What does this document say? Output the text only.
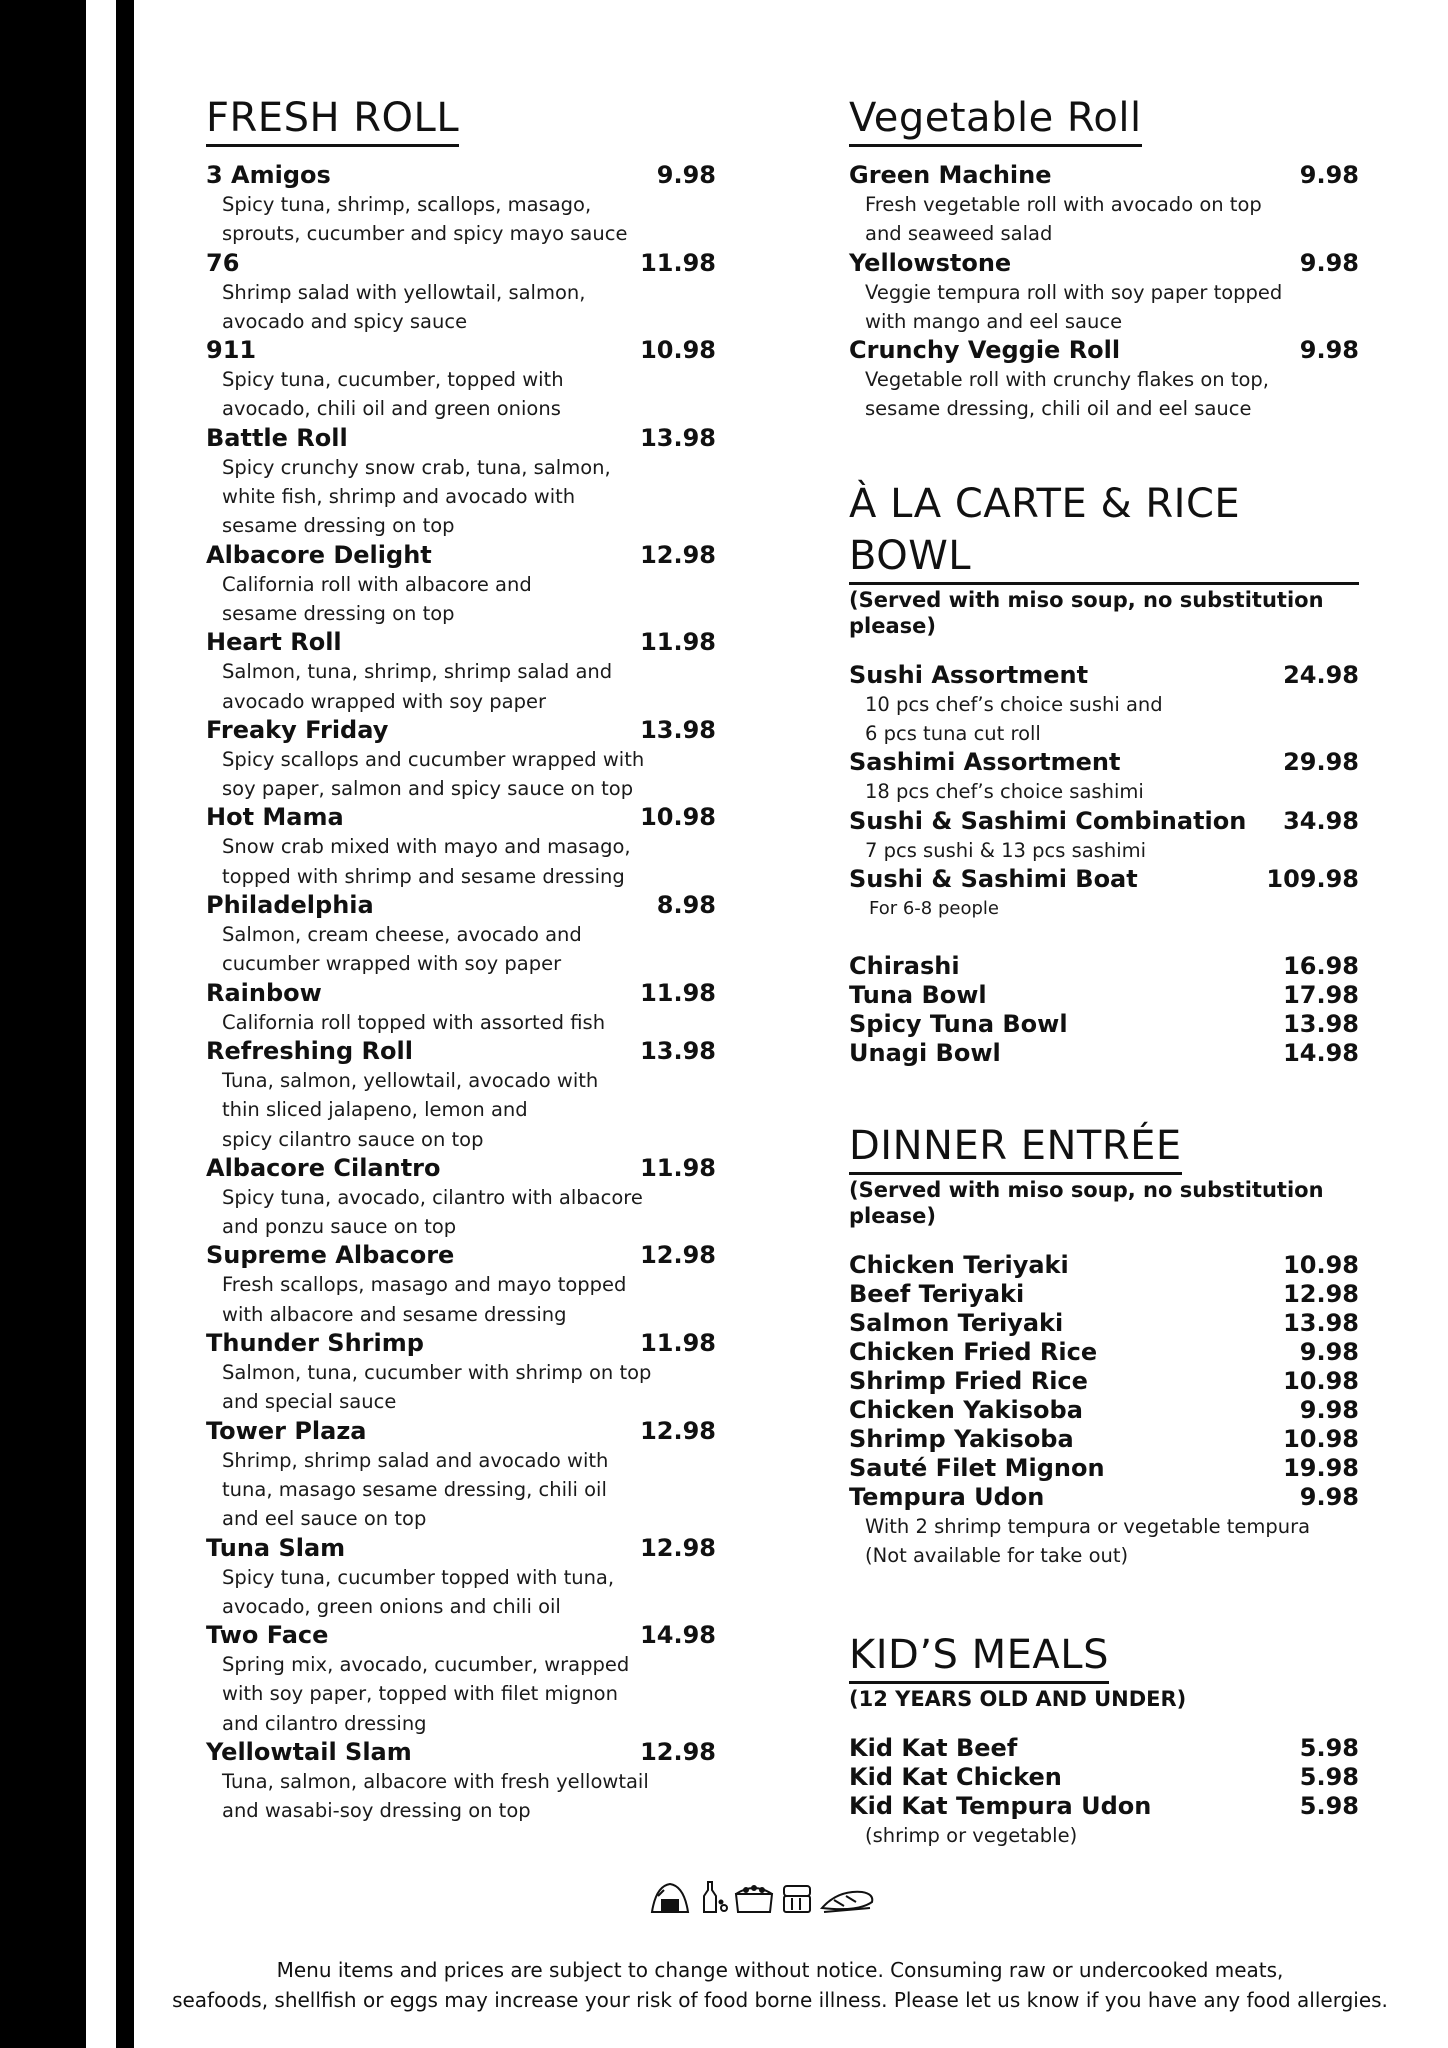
FRESH ROLL
3 Amigos	9.98
Spicy tuna, shrimp, scallops, masago,
sprouts, cucumber and spicy mayo sauce
76	11.98
Shrimp salad with yellowtail, salmon,
avocado and spicy sauce
911	10.98
Spicy tuna, cucumber, topped with
avocado, chili oil and green onions
Battle Roll	13.98
Spicy crunchy snow crab, tuna, salmon,
white fish, shrimp and avocado with
sesame dressing on top
Albacore Delight	12.98
California roll with albacore and
sesame dressing on top
Heart Roll	11.98
Salmon, tuna, shrimp, shrimp salad and
avocado wrapped with soy paper
Freaky Friday	13.98
Spicy scallops and cucumber wrapped with
soy paper, salmon and spicy sauce on top
Hot Mama	10.98
Snow crab mixed with mayo and masago,
topped with shrimp and sesame dressing
Philadelphia	8.98
Salmon, cream cheese, avocado and
cucumber wrapped with soy paper
Rainbow	11.98
California roll topped with assorted fish
Refreshing Roll	13.98
Tuna, salmon, yellowtail, avocado with
thin sliced jalapeno, lemon and
spicy cilantro sauce on top
Albacore Cilantro	11.98
Spicy tuna, avocado, cilantro with albacore
and ponzu sauce on top
Supreme Albacore	12.98
Fresh scallops, masago and mayo topped
with albacore and sesame dressing
Thunder Shrimp	11.98
Salmon, tuna, cucumber with shrimp on top
and special sauce
Tower Plaza	12.98
Shrimp, shrimp salad and avocado with
tuna, masago sesame dressing, chili oil
and eel sauce on top
Tuna Slam	12.98
Spicy tuna, cucumber topped with tuna,
avocado, green onions and chili oil
Two Face	14.98
Spring mix, avocado, cucumber, wrapped
with soy paper, topped with filet mignon
and cilantro dressing
Yellowtail Slam	12.98
Tuna, salmon, albacore with fresh yellowtail
and wasabi-soy dressing on top
Vegetable Roll
Green Machine	9.98
Fresh vegetable roll with avocado on top
and seaweed salad
Yellowstone	9.98
Veggie tempura roll with soy paper topped
with mango and eel sauce
Crunchy Veggie Roll	9.98
Vegetable roll with crunchy flakes on top,
sesame dressing, chili oil and eel sauce
À LA CARTE & RICE BOWL
(Served with miso soup, no substitution please)
Sushi Assortment	24.98
10 pcs chef’s choice sushi and
6 pcs tuna cut roll
Sashimi Assortment	29.98
18 pcs chef’s choice sashimi
Sushi & Sashimi Combination	34.98
7 pcs sushi & 13 pcs sashimi
Sushi & Sashimi Boat	109.98
For 6-8 people
Chirashi	16.98
Tuna Bowl	17.98
Spicy Tuna Bowl	13.98
Unagi Bowl	14.98
DINNER ENTRÉE
(Served with miso soup, no substitution please)
Chicken Teriyaki	10.98
Beef Teriyaki	12.98
Salmon Teriyaki	13.98
Chicken Fried Rice	9.98
Shrimp Fried Rice	10.98
Chicken Yakisoba	9.98
Shrimp Yakisoba	10.98
Sauté Filet Mignon	19.98
Tempura Udon	9.98
With 2 shrimp tempura or vegetable tempura
(Not available for take out)
KID’S MEALS
(12 YEARS OLD AND UNDER)
Kid Kat Beef	5.98
Kid Kat Chicken	5.98
Kid Kat Tempura Udon	5.98
(shrimp or vegetable)
Menu items and prices are subject to change without notice. Consuming raw or undercooked meats,
seafoods, shellfish or eggs may increase your risk of food borne illness. Please let us know if you have any food allergies.
